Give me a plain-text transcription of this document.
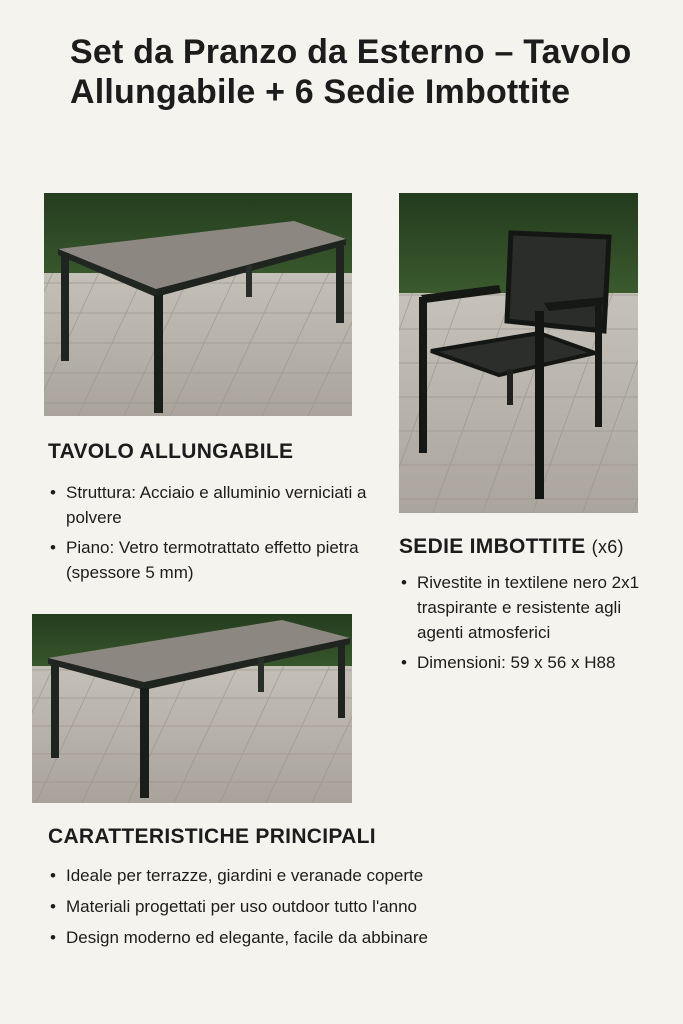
Set da Pranzo da Esterno – Tavolo Allungabile + 6 Sedie Imbottite
TAVOLO ALLUNGABILE
• Struttura: Acciaio e alluminio verniciati a polvere
• Piano: Vetro termotrattato effetto pietra (spessore 5 mm)
SEDIE IMBOTTITE (x6)
• Rivestite in textilene nero 2x1 traspirante e resistente agli agenti atmosferici
• Dimensioni: 59 x 56 x H88
CARATTERISTICHE PRINCIPALI
• Ideale per terrazze, giardini e veranade coperte
• Materiali progettati per uso outdoor tutto l'anno
• Design moderno ed elegante, facile da abbinare
